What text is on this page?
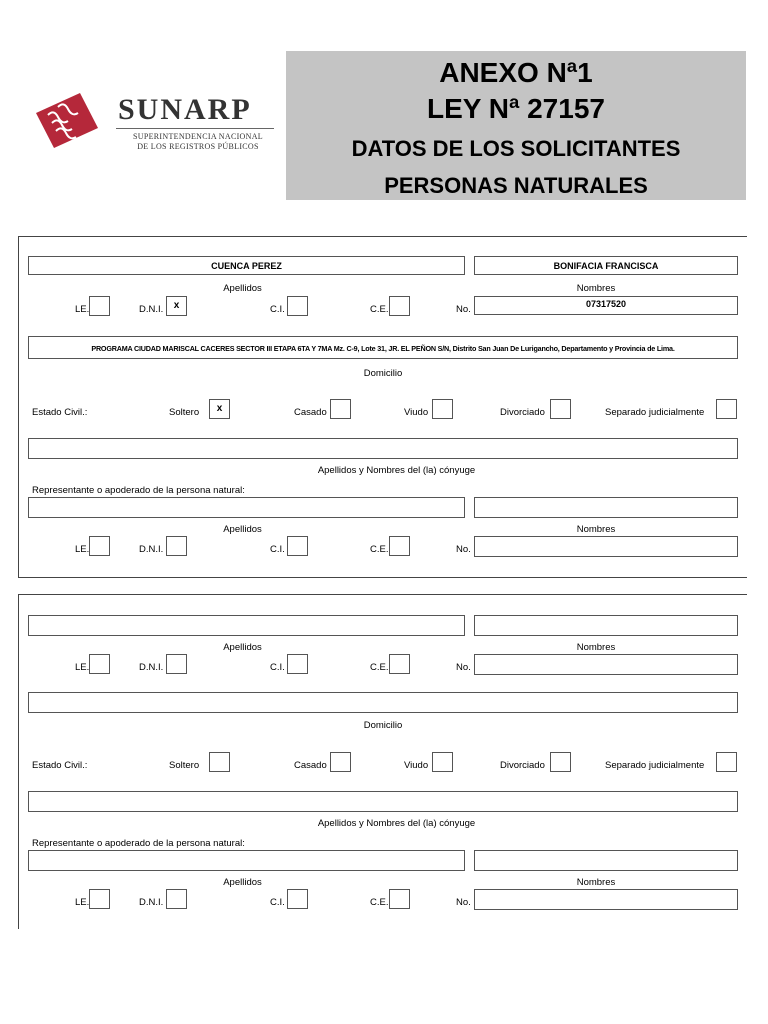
SUNARP
SUPERINTENDENCIA NACIONAL
DE LOS REGISTROS PÚBLICOS
ANEXO Nª1
LEY Nª 27157
DATOS DE LOS SOLICITANTES
PERSONAS NATURALES
CUENCA PEREZ	BONIFACIA FRANCISCA
Apellidos	Nombres
LE.	D.N.I.	x	C.I.	C.E.	No.	07317520
PROGRAMA CIUDAD MARISCAL CACERES SECTOR III ETAPA 6TA Y 7MA Mz. C-9, Lote 31, JR. EL PEÑON S/N, Distrito San Juan De Lurigancho, Departamento y Provincia de Lima.
Domicilio
Estado Civil.:	Soltero	x	Casado	Viudo	Divorciado	Separado judicialmente
Apellidos y Nombres del (la) cónyuge
Representante o apoderado de la persona natural:
Apellidos	Nombres
LE.	D.N.I.	C.I.	C.E.	No.
Apellidos	Nombres
LE.	D.N.I.	C.I.	C.E.	No.
Domicilio
Estado Civil.:	Soltero	Casado	Viudo	Divorciado	Separado judicialmente
Apellidos y Nombres del (la) cónyuge
Representante o apoderado de la persona natural:
Apellidos	Nombres
LE.	D.N.I.	C.I.	C.E.	No.
